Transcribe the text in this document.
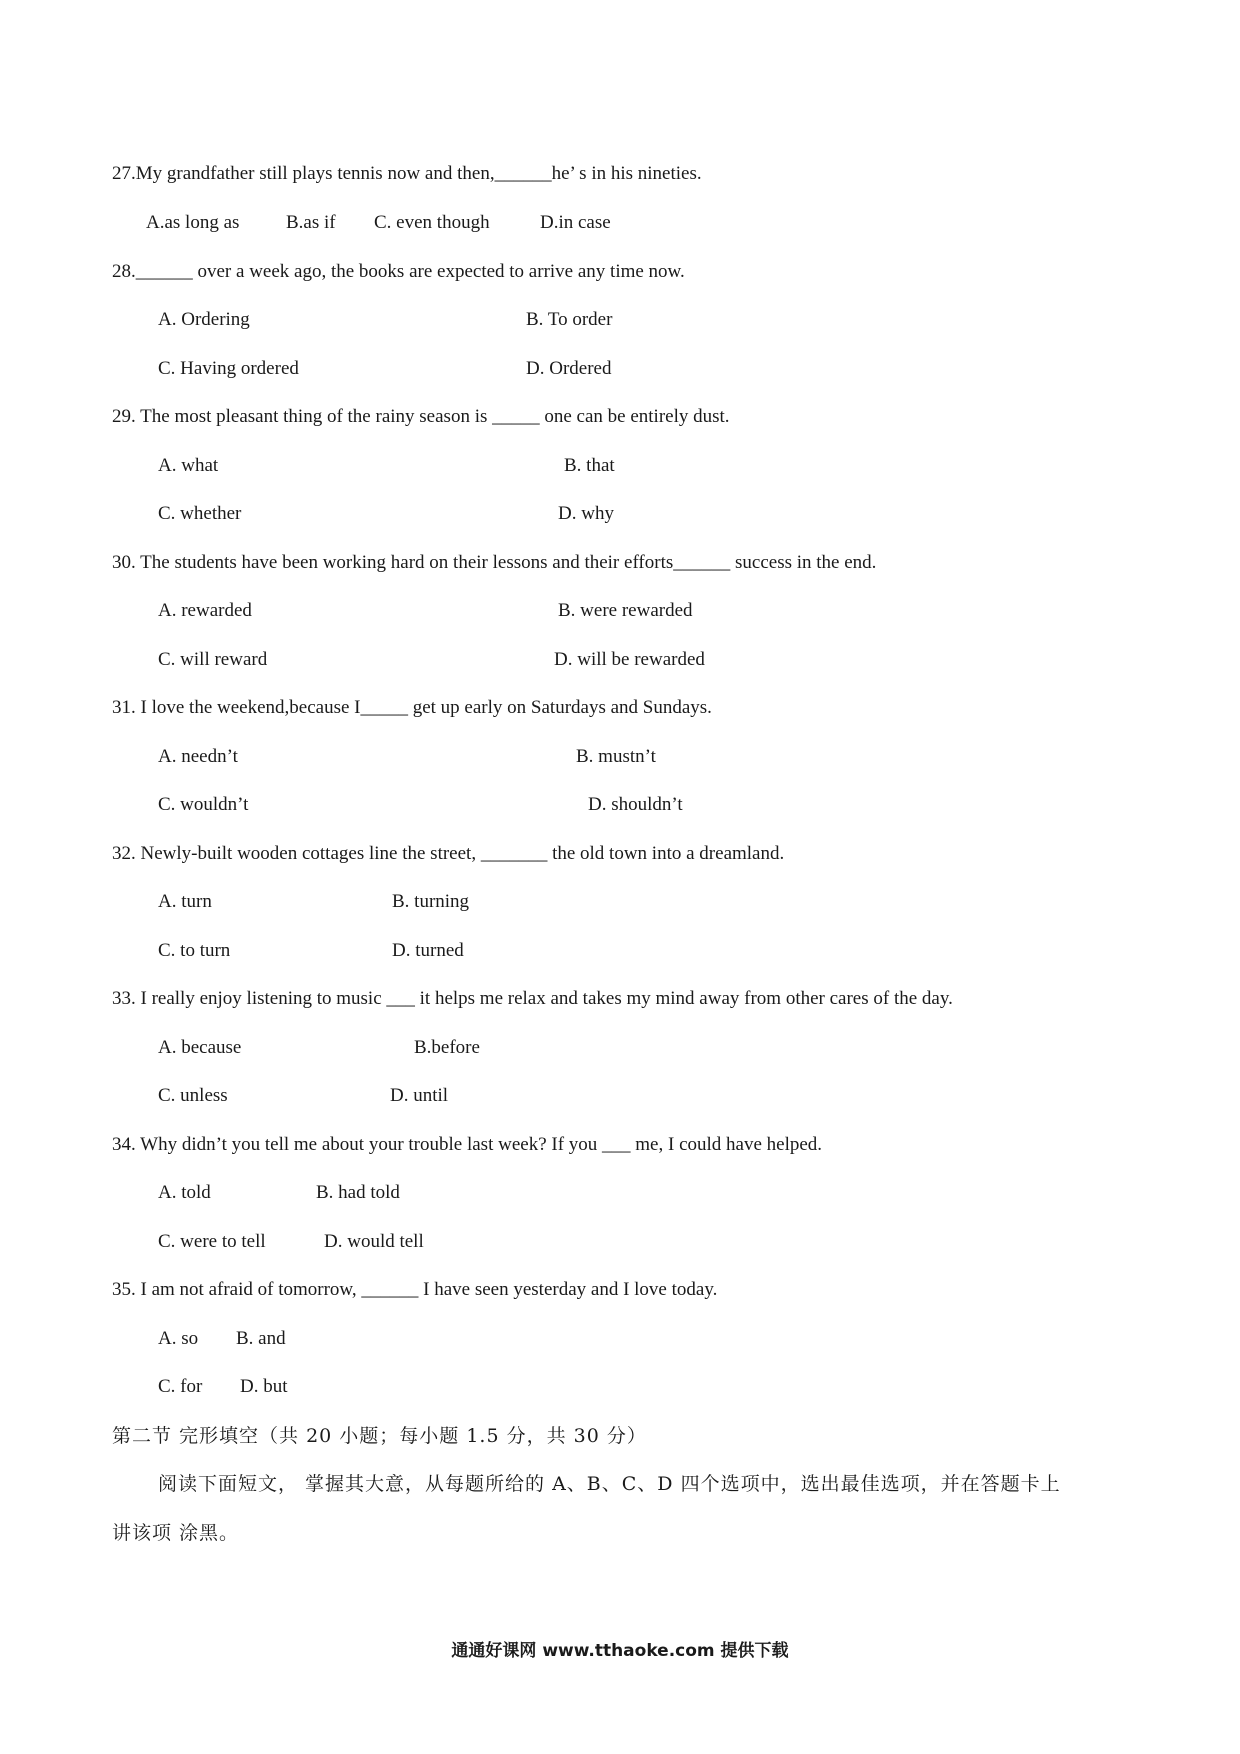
27.My grandfather still plays tennis now and then,______he’ s in his nineties.
A.as long as B.as if C. even though	D.in case
28.______ over a week ago, the books are expected to arrive any time now.
A. Ordering	B. To order
C. Having ordered	D. Ordered
29. The most pleasant thing of the rainy season is _____ one can be entirely dust.
A. what	B. that
C. whether	D. why
30. The students have been working hard on their lessons and their efforts______ success in the end.
A. rewarded	B. were rewarded
C. will reward	D. will be rewarded
31. I love the weekend,because I_____ get up early on Saturdays and Sundays.
A. needn’t	B. mustn’t
C. wouldn’t	D. shouldn’t
32. Newly-built wooden cottages line the street, _______ the old town into a dreamland.
A. turn	B. turning
C. to turn	D. turned
33. I really enjoy listening to music ___ it helps me relax and takes my mind away from other cares of the day.
A. because	B.before
C. unless	D. until
34. Why didn’t you tell me about your trouble last week? If you ___ me, I could have helped.
A. told	B. had told
C. were to tell	D. would tell
35. I am not afraid of tomorrow, ______ I have seen yesterday and I love today.
A. so B. and
C. for D. but
第二节 完形填空（共 20 小题；每小题 1.5 分，共 30 分）
阅读下面短文， 掌握其大意，从每题所给的 A、B、C、D 四个选项中，选出最佳选项，并在答题卡上
讲该项 涂黑。
通通好课网 www.tthaoke.com 提供下载
